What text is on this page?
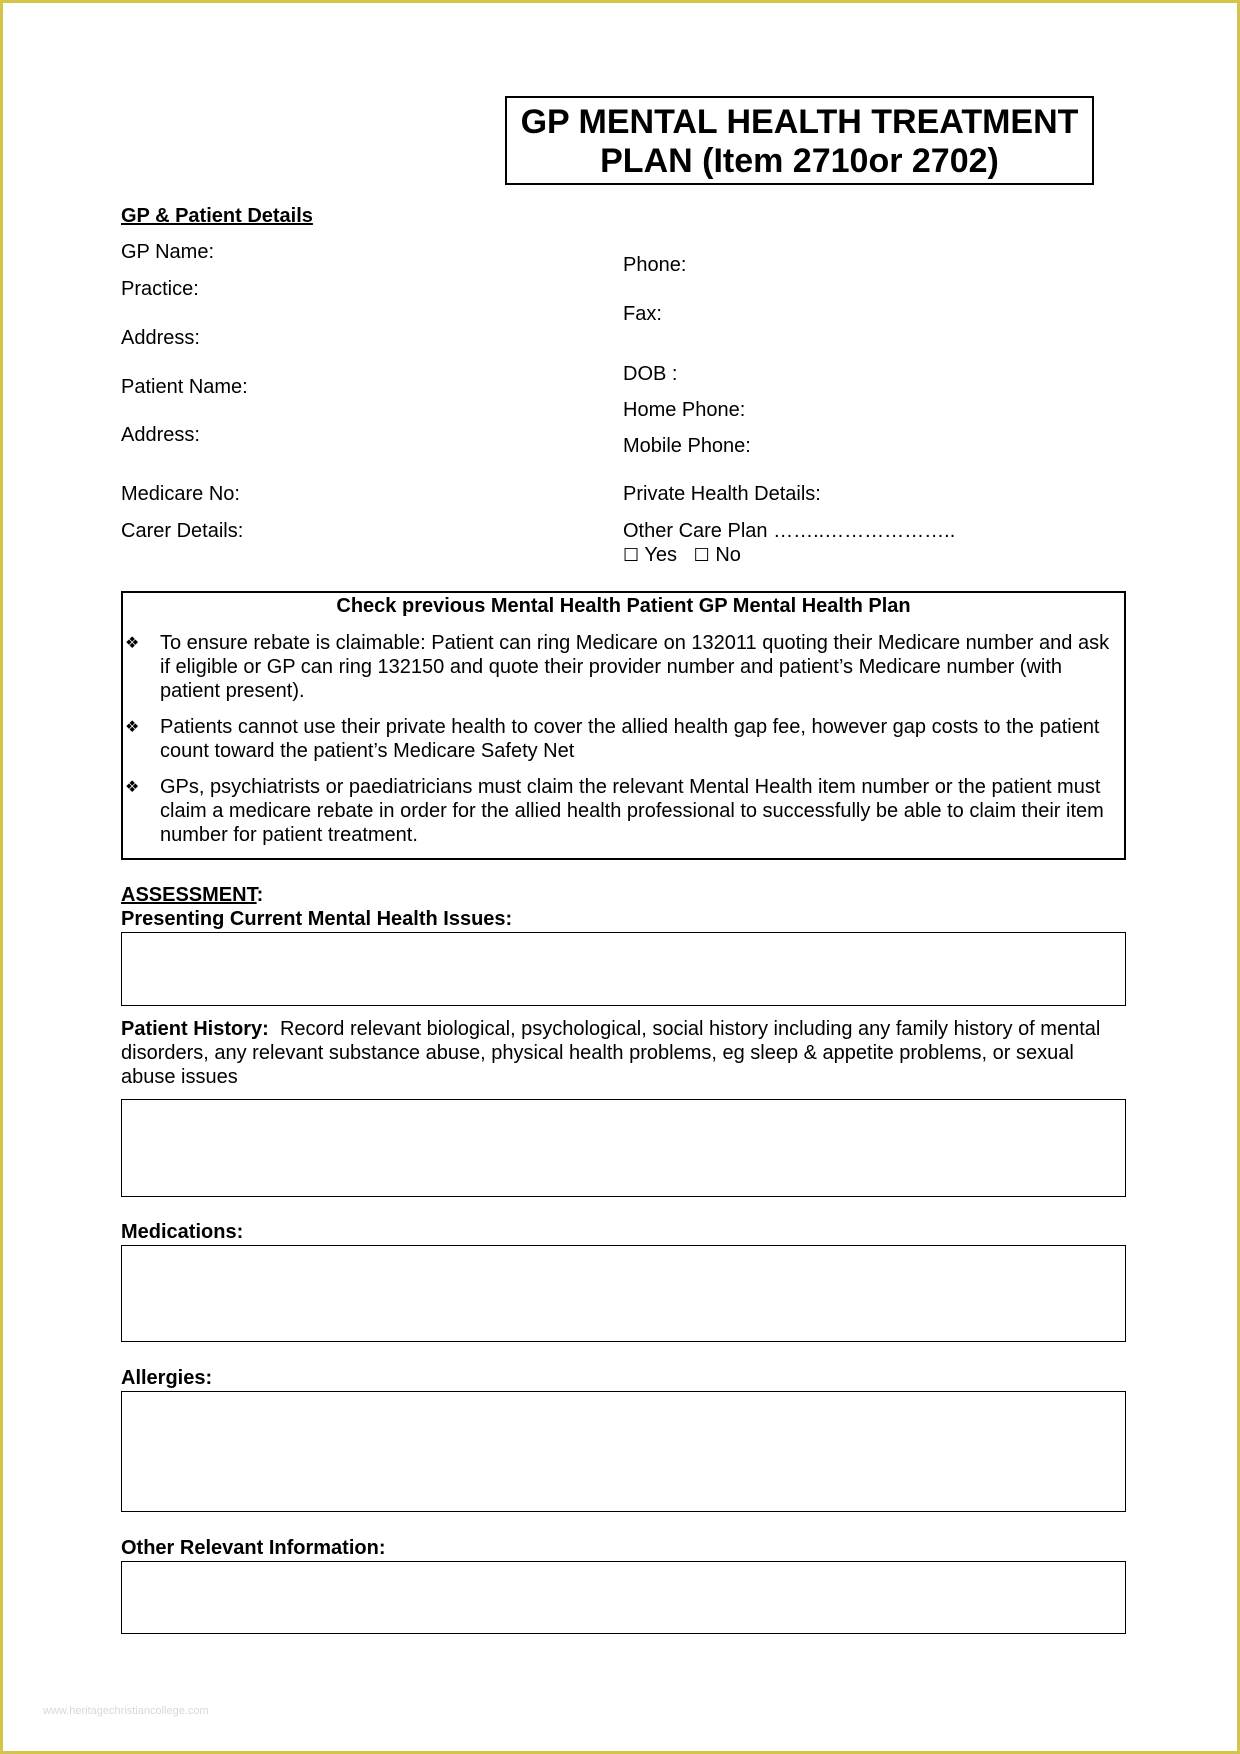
GP MENTAL HEALTH TREATMENT
PLAN (Item 2710or 2702)
GP & Patient Details
GP Name:
Practice:
Address:
Patient Name:
Address:
Medicare No:
Carer Details:
Phone:
Fax:
DOB :
Home Phone:
Mobile Phone:
Private Health Details:
Other Care Plan ……..………………..
☐ Yes ☐ No
Check previous Mental Health Patient GP Mental Health Plan
❖ To ensure rebate is claimable: Patient can ring Medicare on 132011 quoting their Medicare number and ask if eligible or GP can ring 132150 and quote their provider number and patient’s Medicare number (with patient present).
❖ Patients cannot use their private health to cover the allied health gap fee, however gap costs to the patient count toward the patient’s Medicare Safety Net
❖ GPs, psychiatrists or paediatricians must claim the relevant Mental Health item number or the patient must claim a medicare rebate in order for the allied health professional to successfully be able to claim their item number for patient treatment.
ASSESSMENT:
Presenting Current Mental Health Issues:
Patient History: Record relevant biological, psychological, social history including any family history of mental disorders, any relevant substance abuse, physical health problems, eg sleep & appetite problems, or sexual abuse issues
Medications:
Allergies:
Other Relevant Information:
www.heritagechristiancollege.com
